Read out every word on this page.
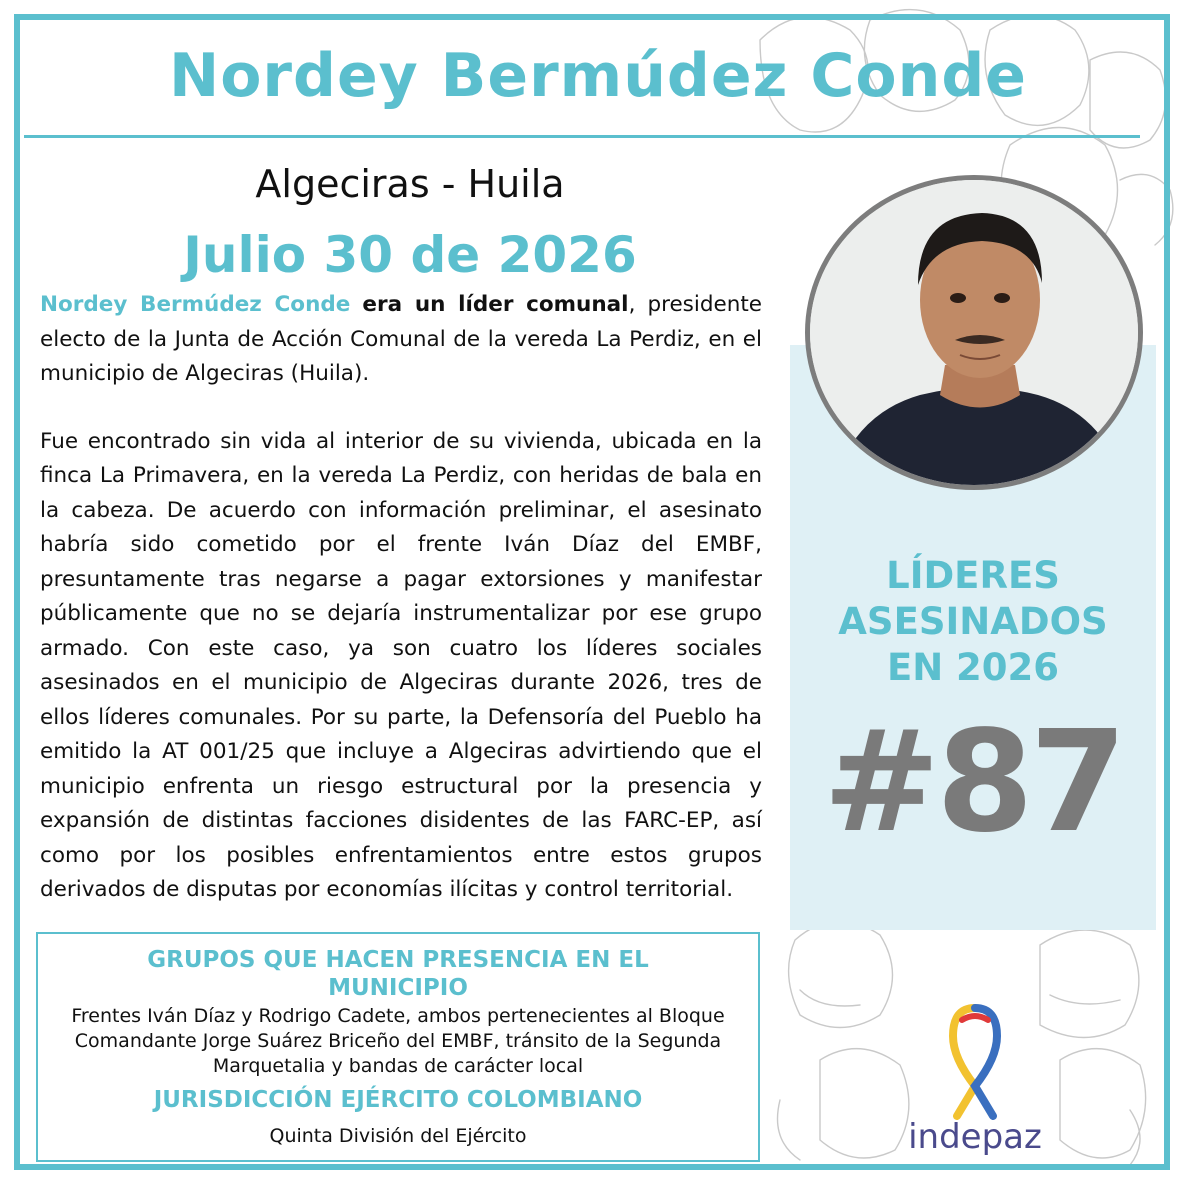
Nordey Bermúdez Conde
Algeciras - Huila
Julio 30 de 2026

Nordey Bermúdez Conde era un líder comunal, presidente electo de la Junta de Acción Comunal de la vereda La Perdiz, en el municipio de Algeciras (Huila).

Fue encontrado sin vida al interior de su vivienda, ubicada en la finca La Primavera, en la vereda La Perdiz, con heridas de bala en la cabeza. De acuerdo con información preliminar, el asesinato habría sido cometido por el frente Iván Díaz del EMBF, presuntamente tras negarse a pagar extorsiones y manifestar públicamente que no se dejaría instrumentalizar por ese grupo armado. Con este caso, ya son cuatro los líderes sociales asesinados en el municipio de Algeciras durante 2026, tres de ellos líderes comunales. Por su parte, la Defensoría del Pueblo ha emitido la AT 001/25 que incluye a Algeciras advirtiendo que el municipio enfrenta un riesgo estructural por la presencia y expansión de distintas facciones disidentes de las FARC-EP, así como por los posibles enfrentamientos entre estos grupos derivados de disputas por economías ilícitas y control territorial.

GRUPOS QUE HACEN PRESENCIA EN EL MUNICIPIO
Frentes Iván Díaz y Rodrigo Cadete, ambos pertenecientes al Bloque Comandante Jorge Suárez Briceño del EMBF, tránsito de la Segunda Marquetalia y bandas de carácter local
JURISDICCIÓN EJÉRCITO COLOMBIANO
Quinta División del Ejército
LÍDERES
ASESINADOS
EN 2026
#87
indepaz
